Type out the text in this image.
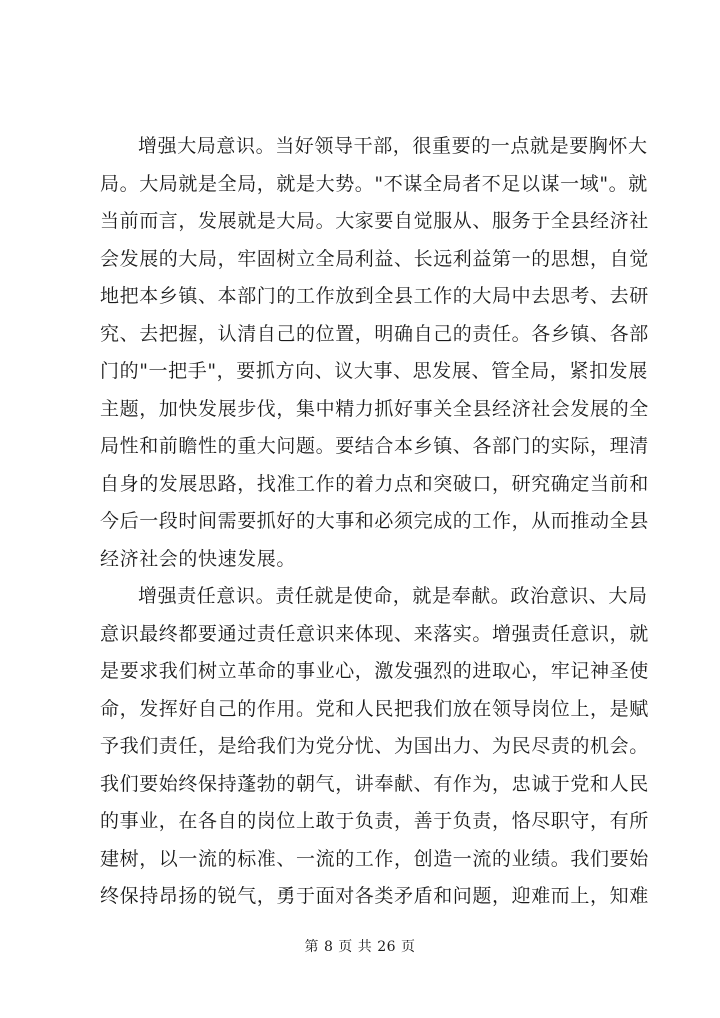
增强大局意识。当好领导干部，很重要的一点就是要胸怀大
局。大局就是全局，就是大势。"不谋全局者不足以谋一域"。就
当前而言，发展就是大局。大家要自觉服从、服务于全县经济社
会发展的大局，牢固树立全局利益、长远利益第一的思想，自觉
地把本乡镇、本部门的工作放到全县工作的大局中去思考、去研
究、去把握，认清自己的位置，明确自己的责任。各乡镇、各部
门的"一把手"，要抓方向、议大事、思发展、管全局，紧扣发展
主题，加快发展步伐，集中精力抓好事关全县经济社会发展的全
局性和前瞻性的重大问题。要结合本乡镇、各部门的实际，理清
自身的发展思路，找准工作的着力点和突破口，研究确定当前和
今后一段时间需要抓好的大事和必须完成的工作，从而推动全县
经济社会的快速发展。
增强责任意识。责任就是使命，就是奉献。政治意识、大局
意识最终都要通过责任意识来体现、来落实。增强责任意识，就
是要求我们树立革命的事业心，激发强烈的进取心，牢记神圣使
命，发挥好自己的作用。党和人民把我们放在领导岗位上，是赋
予我们责任，是给我们为党分忧、为国出力、为民尽责的机会。
我们要始终保持蓬勃的朝气，讲奉献、有作为，忠诚于党和人民
的事业，在各自的岗位上敢于负责，善于负责，恪尽职守，有所
建树，以一流的标准、一流的工作，创造一流的业绩。我们要始
终保持昂扬的锐气，勇于面对各类矛盾和问题，迎难而上，知难
第 8 页 共 26 页
